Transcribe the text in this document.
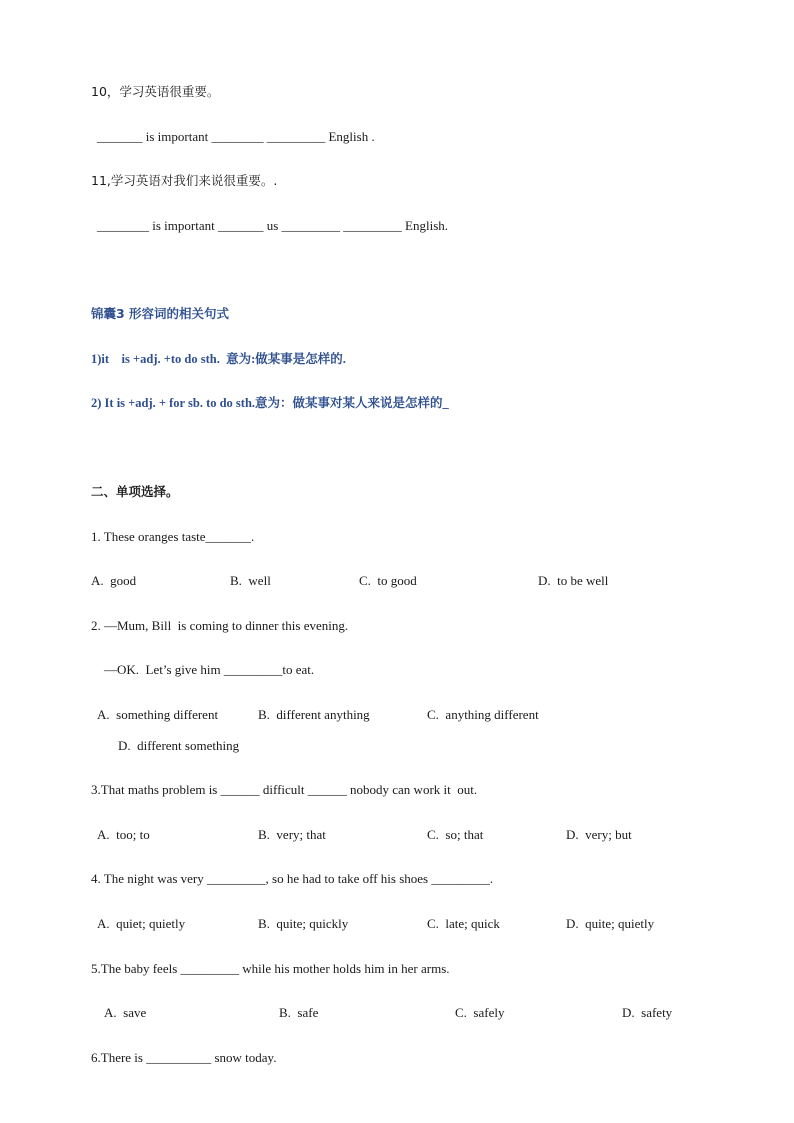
10，学习英语很重要。
_______ is important ________ _________ English .
11,学习英语对我们来说很重要。.
________ is important _______ us _________ _________ English.
锦囊3 形容词的相关句式
1)it    is +adj. +to do sth.  意为:做某事是怎样的.
2) It is +adj. + for sb. to do sth.意为：做某事对某人来说是怎样的_
二、单项选择。
1. These oranges taste_______.
A.  good	B.  well	C.  to good	D.  to be well
2. —Mum, Bill  is coming to dinner this evening.
—OK.  Let’s give him _________to eat.
A.  something different	B.  different anything	C.  anything different
D.  different something
3.That maths problem is ______ difficult ______ nobody can work it  out.
A.  too; to	B.  very; that	C.  so; that	D.  very; but
4. The night was very _________, so he had to take off his shoes _________.
A.  quiet; quietly	B.  quite; quickly	C.  late; quick	D.  quite; quietly
5.The baby feels _________ while his mother holds him in her arms.
A.  save	B.  safe	C.  safely	D.  safety
6.There is __________ snow today.
